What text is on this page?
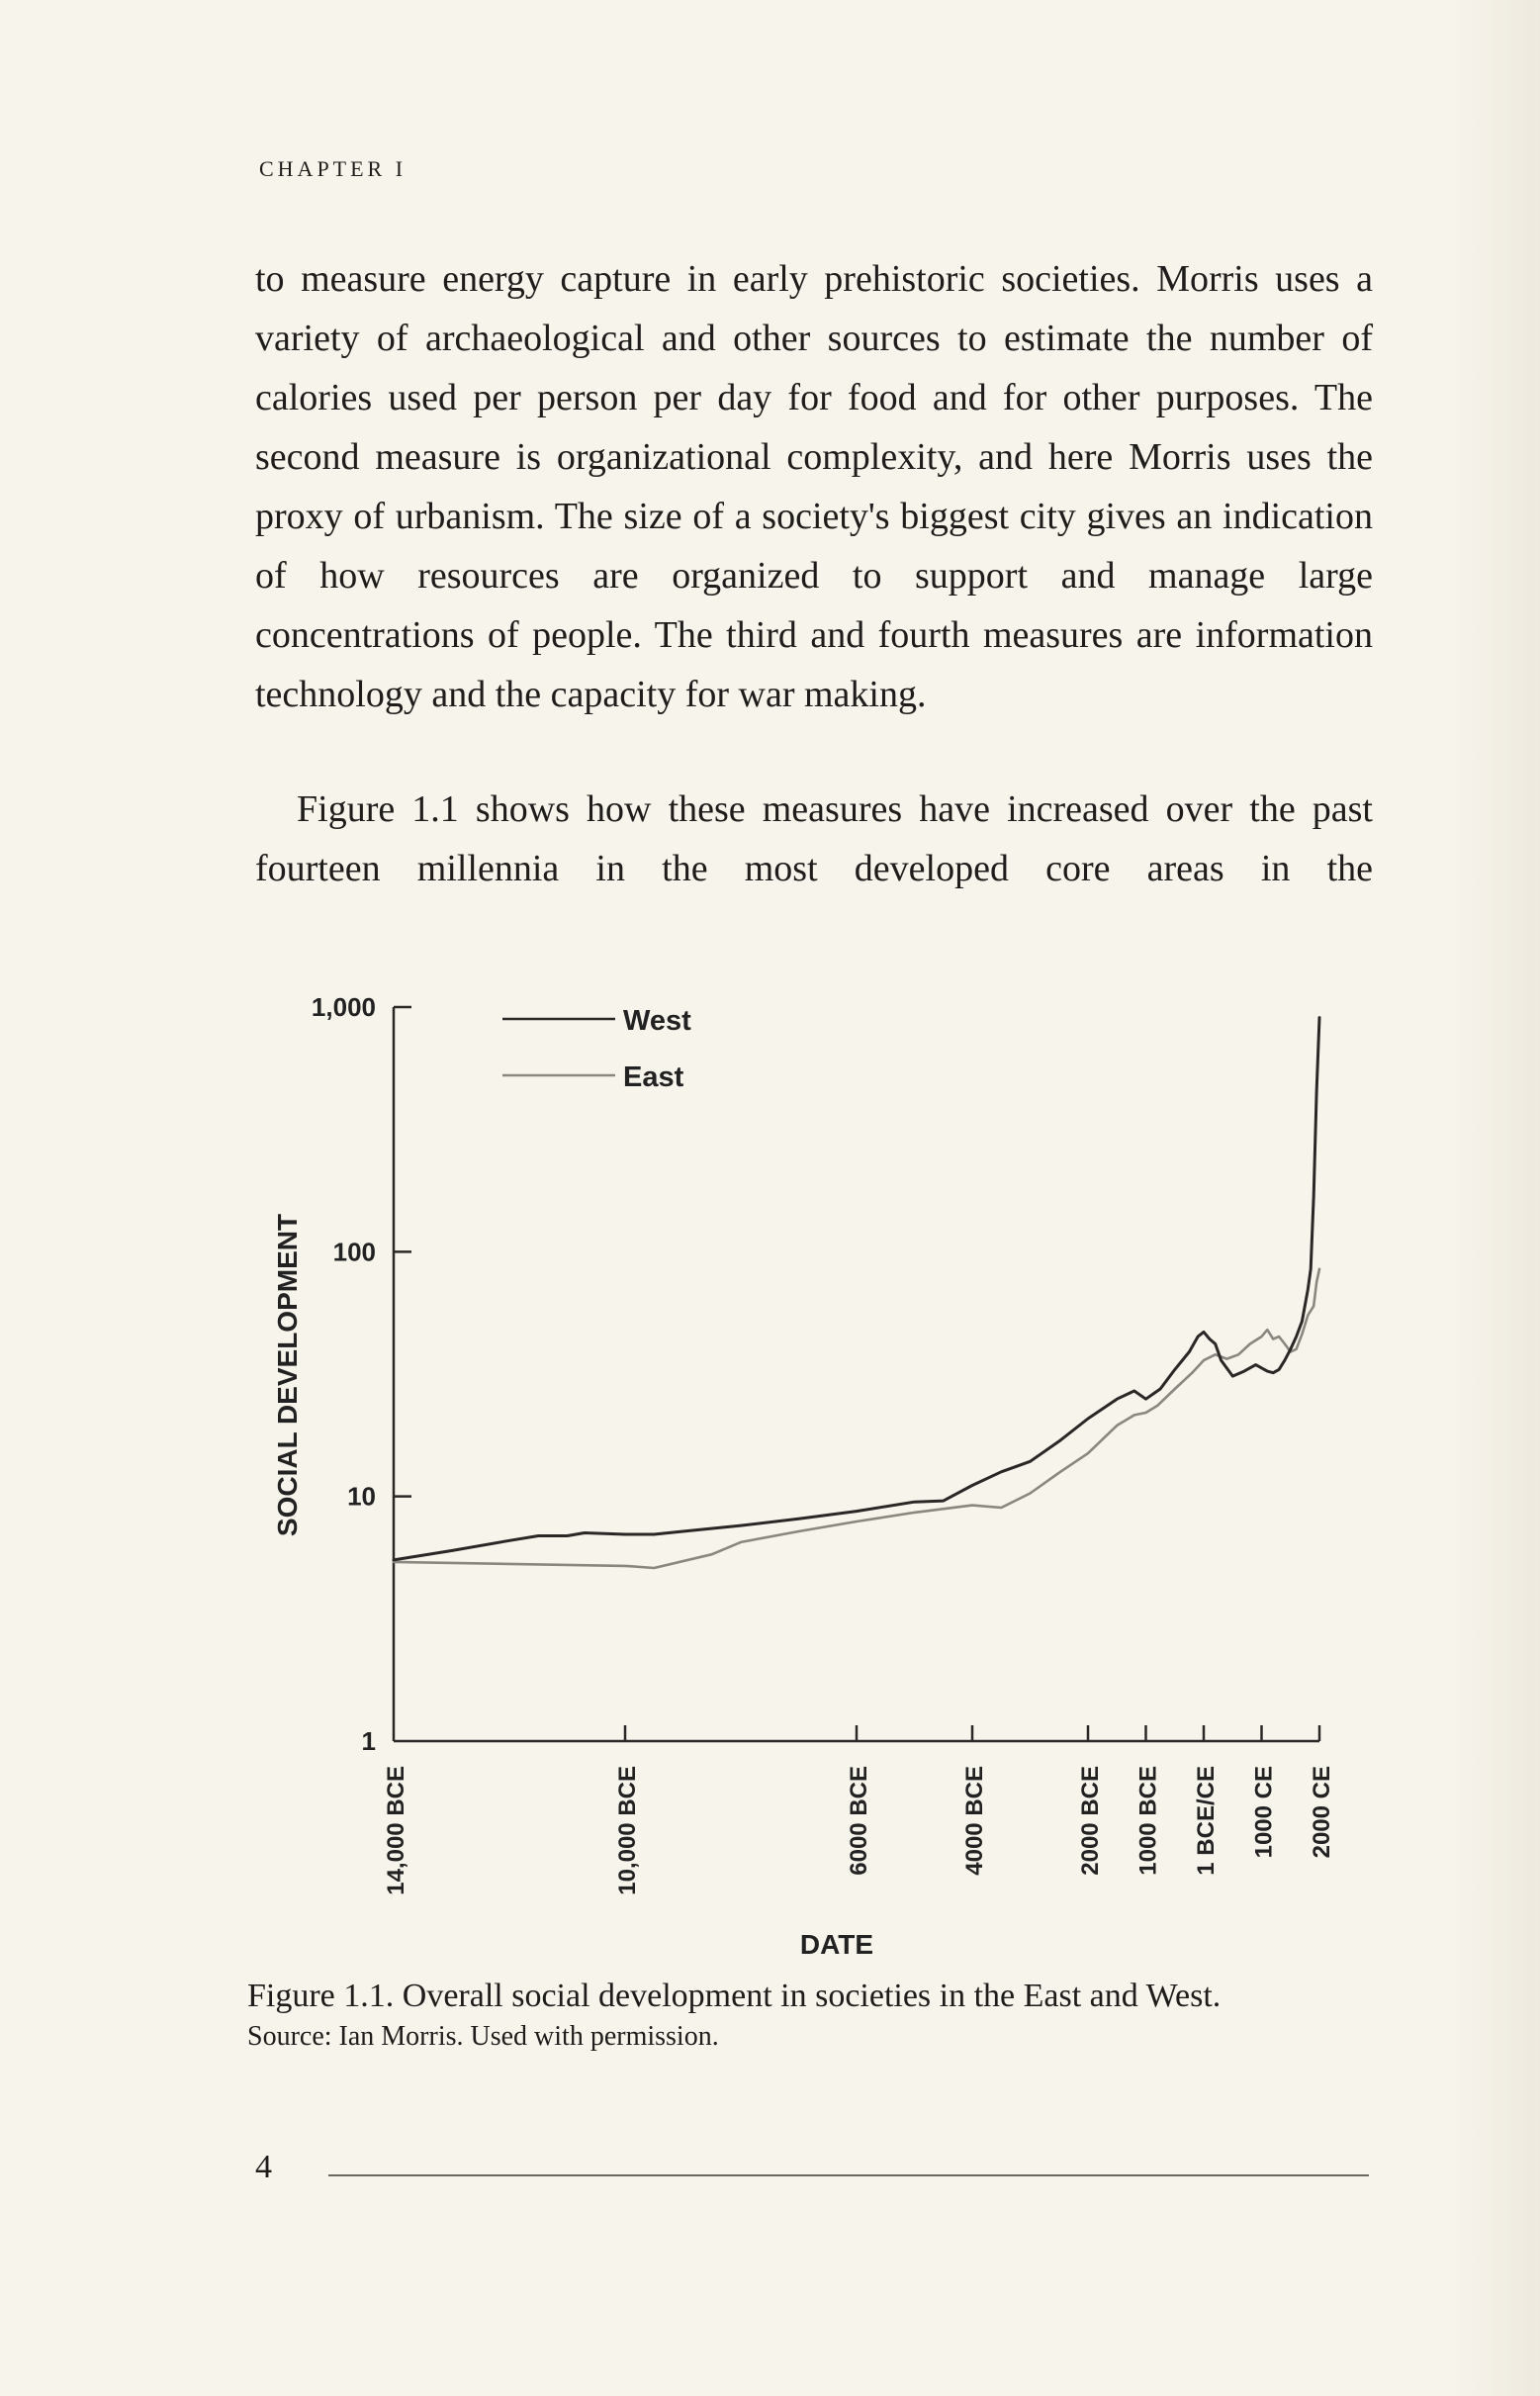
CHAPTER I

to measure energy capture in early prehistoric societies. Morris uses a variety of archaeological and other sources to estimate the number of calories used per person per day for food and for other purposes. The second measure is organizational complexity, and here Morris uses the proxy of urbanism. The size of a society's biggest city gives an indication of how resources are organized to support and manage large concentrations of people. The third and fourth measures are information technology and the capacity for war making.

Figure 1.1 shows how these measures have increased over the past fourteen millennia in the most developed core areas in the

1,000
100
10
1
14,000 BCE	10,000 BCE	6000 BCE	4000 BCE	2000 BCE 1000 BCE 1 BCE/CE 1000 CE 2000 CE
West
East
SOCIAL DEVELOPMENT
DATE
Figure 1.1. Overall social development in societies in the East and West.
Source: Ian Morris. Used with permission.
4
